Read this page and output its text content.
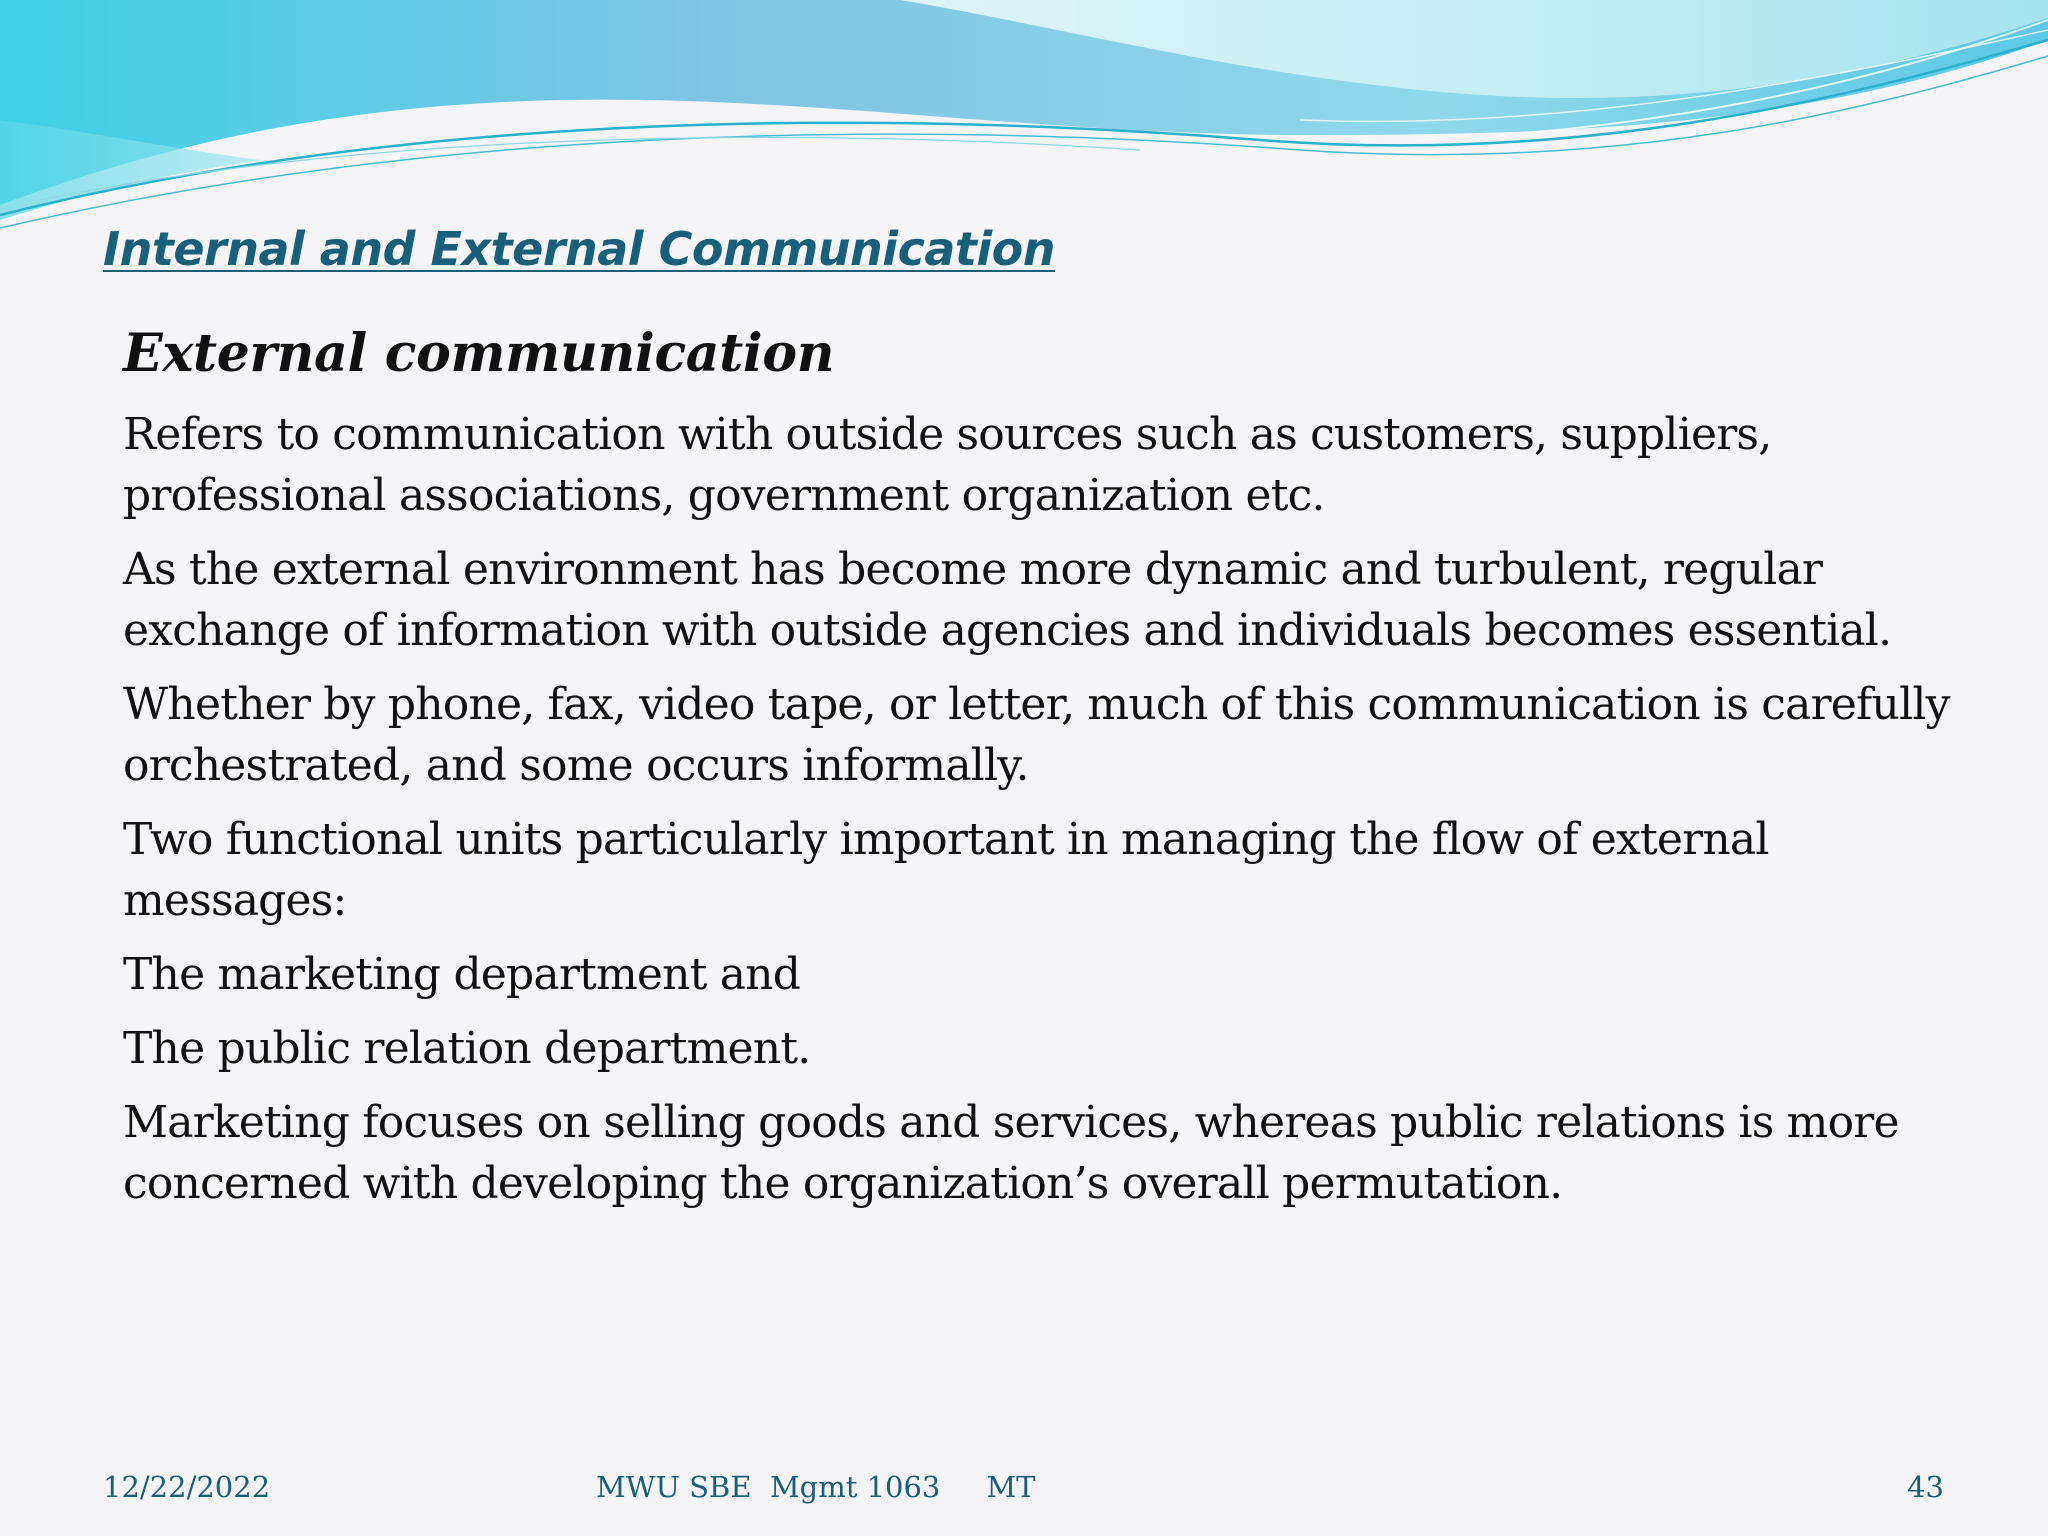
Internal and External Communication

External communication

Refers to communication with outside sources such as customers, suppliers, professional associations, government organization etc.

As the external environment has become more dynamic and turbulent, regular exchange of information with outside agencies and individuals becomes essential.

Whether by phone, fax, video tape, or letter, much of this communication is carefully orchestrated, and some occurs informally.

Two functional units particularly important in managing the flow of external messages:

The marketing department and

The public relation department.

Marketing focuses on selling goods and services, whereas public relations is more concerned with developing the organization’s overall permutation.

12/22/2022	MWU SBE  Mgmt 1063     MT	43
